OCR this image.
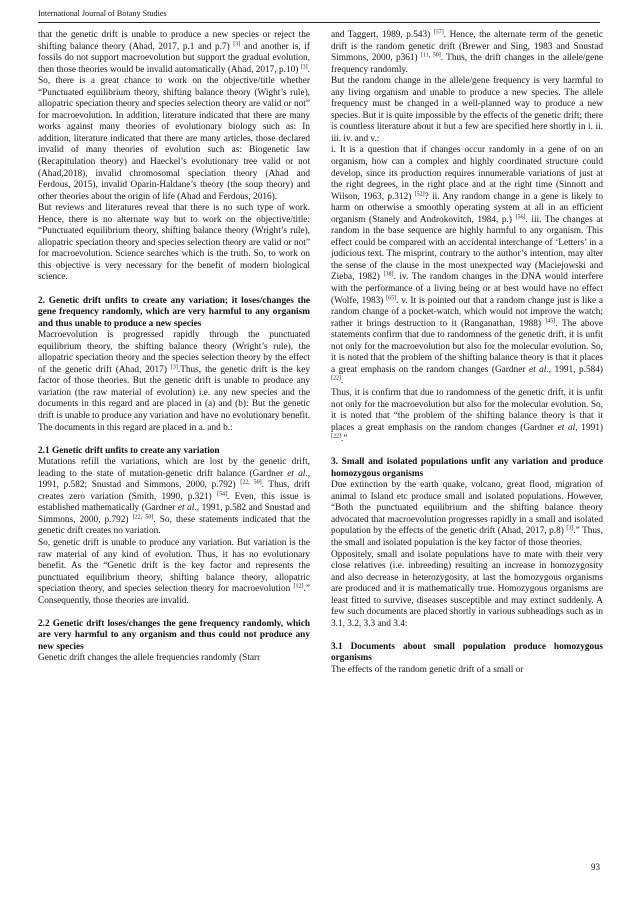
International Journal of Botany Studies

that the genetic drift is unable to produce a new species or reject the shifting balance theory (Ahad, 2017, p.1 and p.7) [3] and another is, if fossils do not support macroevolution but support the gradual evolution, then those theories would be invalid automatically (Ahad, 2017, p.10) [3]. So, there is a great chance to work on the objective/title whether “Punctuated equilibrium theory, shifting balance theory (Wight’s rule), allopatric speciation theory and species selection theory are valid or not” for macroevolution. In addition, literature indicated that there are many works against many theories of evolutionary biology such as: In addition, literature indicated that there are many articles, those declared invalid of many theories of evolution such as: Biogenetic law (Recapitulation theory) and Haeckel’s evolutionary tree valid or not (Ahad,2018), invalid chromosomal speciation theory (Ahad and Ferdous, 2015), invalid Oparin-Haldane’s theory (the soup theory) and other theories about the origin of life (Ahad and Ferdous, 2016).

But reviews and literatures reveal that there is no such type of work. Hence, there is no alternate way but to work on the objective/title: “Punctuated equilibrium theory, shifting balance theory (Wright’s rule), allopatric speciation theory and species selection theory are valid or not” for macroevolution. Science searches which is the truth. So, to work on this objective is very necessary for the benefit of modern biological science.

2. Genetic drift unfits to create any variation; it loses/changes the gene frequency randomly, which are very harmful to any organism and thus unable to produce a new species

Macroevolution is progressed rapidly through the punctuated equilibrium theory, the shifting balance theory (Wright’s rule), the allopatric speciation theory and the species selection theory by the effect of the genetic drift (Ahad, 2017) [3].Thus, the genetic drift is the key factor of those theories. But the genetic drift is unable to produce any variation (the raw material of evolution) i.e. any new species and the documents in this regard and are placed in (a) and (b): But the genetic drift is unable to produce any variation and have no evolutionary benefit. The documents in this regard are placed in a. and b.:

2.1 Genetic drift unfits to create any variation

Mutations refill the variations, which are lost by the genetic drift, leading to the state of mutation-genetic drift balance (Gardner et al., 1991, p.582; Snustad and Simmons, 2000, p.792) [22, 50]. Thus, drift creates zero variation (Smith, 1990, p.321) [54]. Even, this issue is established mathematically (Gardner et al., 1991, p.582 and Snustad and Simmons, 2000, p.792) [22, 50]. So, these statements indicated that the genetic drift creates no variation.

So, genetic drift is unable to produce any variation. But variation is the raw material of any kind of evolution. Thus, it has no evolutionary benefit. As the “Genetic drift is the key factor and represents the punctuated equilibrium theory, shifting balance theory, allopatric speciation theory, and species selection theory for macroevolution [12].” Consequently, those theories are invalid.

2.2 Genetic drift loses/changes the gene frequency randomly, which are very harmful to any organism and thus could not produce any new species

Genetic drift changes the allele frequencies randomly (Starr

and Taggert, 1989, p.543) [57]. Hence, the alternate term of the genetic drift is the random genetic drift (Brewer and Sing, 1983 and Snustad Simmons, 2000, p361) [11, 50]. Thus, the drift changes in the allele/gene frequency randomly.

But the random change in the allele/gene frequency is very harmful to any living organism and unable to produce a new species. The allele frequency must be changed in a well-planned way to produce a new species. But it is quite impossible by the effects of the genetic drift; there is countless literature about it but a few are specified here shortly in i. ii. iii. iv. and v.:

i. It is a question that if changes occur randomly in a gene of on an organism, how can a complex and highly coordinated structure could develop, since its production requires innumerable variations of just at the right degrees, in the right place and at the right time (Sinnott and Wilson, 1963, p.312) [52]? ii. Any random change in a gene is likely to harm on otherwise a smoothly operating system at all in an efficient organism (Stanely and Androkovitch, 1984, p.) [56]. iii. The changes at random in the base sequence are highly harmful to any organism. This effect could be compared with an accidental interchange of ‘Letters’ in a judicious text. The misprint, contrary to the author’s intention, may alter the sense of the clause in the most unexpected way (Maciejowski and Zieba, 1982) [38]. iv. The random changes in the DNA would interfere with the performance of a living being or at best would have no effect (Wolfe, 1983) [65]. v. It is pointed out that a random change just is like a random change of a pocket-watch, which would not improve the watch; rather it brings destruction to it (Ranganathan, 1988) [45]. The above statements confirm that due to randomness of the genetic drift, it is unfit not only for the macroevolution but also for the molecular evolution. So, it is noted that the problem of the shifting balance theory is that it places a great emphasis on the random changes (Gardner et al., 1991, p.584) [22].

Thus, it is confirm that due to randomness of the genetic drift, it is unfit not only for the macroevolution but also for the molecular evolution. So, it is noted that “the problem of the shifting balance theory is that it places a great emphasis on the random changes (Gardner et al, 1991) [22].”

3. Small and isolated populations unfit any variation and produce homozygous organisms

Due extinction by the earth quake, volcano, great flood, migration of animal to Island etc produce small and isolated populations. However, “Both the punctuated equilibrium and the shifting balance theory advocated that macroevolution progresses rapidly in a small and isolated population by the effects of the genetic drift (Ahad, 2017, p.8) [3].” Thus, the small and isolated population is the key factor of those theories.

Oppositely, small and isolate populations have to mate with their very close relatives (i.e. inbreeding) resulting an increase in homozygosity and also decrease in heterozygosity, at last the homozygous organisms are produced and it is mathematically true. Homozygous organisms are least fitted to survive, diseases susceptible and may extinct suddenly. A few such documents are placed shortly in various subheadings such as in 3.1, 3.2, 3.3 and 3.4:

3.1 Documents about small population produce homozygous organisms

The effects of the random genetic drift of a small or

93
